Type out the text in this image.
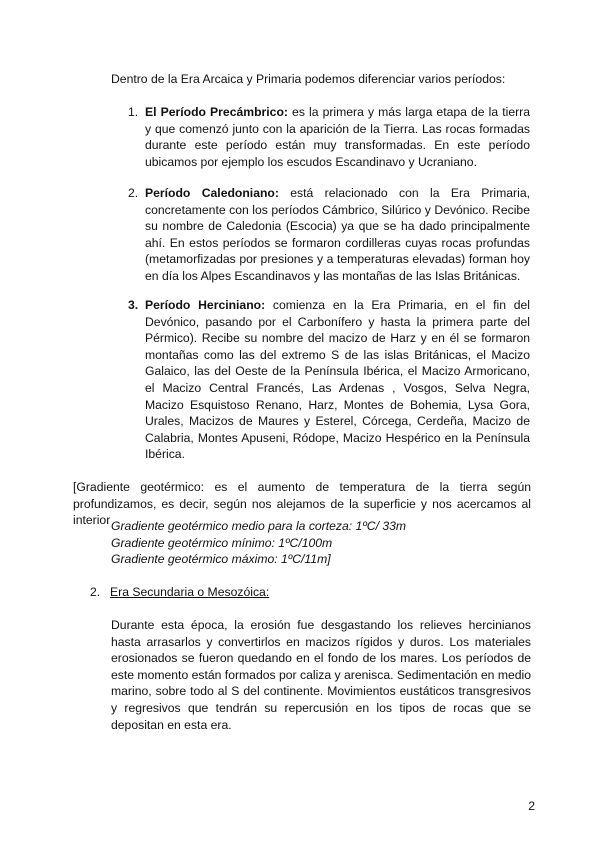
Dentro de la Era Arcaica y Primaria podemos diferenciar varios períodos:
1. El Período Precámbrico: es la primera y más larga etapa de la tierra y que comenzó junto con la aparición de la Tierra. Las rocas formadas durante este período están muy transformadas. En este período ubicamos por ejemplo los escudos Escandinavo y Ucraniano.
2. Período Caledoniano: está relacionado con la Era Primaria, concretamente con los períodos Cámbrico, Silúrico y Devónico. Recibe su nombre de Caledonia (Escocia) ya que se ha dado principalmente ahí. En estos períodos se formaron cordilleras cuyas rocas profundas (metamorfizadas por presiones y a temperaturas elevadas) forman hoy en día los Alpes Escandinavos y las montañas de las Islas Británicas.
3. Período Herciniano: comienza en la Era Primaria, en el fin del Devónico, pasando por el Carbonífero y hasta la primera parte del Pérmico). Recibe su nombre del macizo de Harz y en él se formaron montañas como las del extremo S de las islas Británicas, el Macizo Galaico, las del Oeste de la Península Ibérica, el Macizo Armoricano, el Macizo Central Francés, Las Ardenas , Vosgos, Selva Negra, Macizo Esquistoso Renano, Harz, Montes de Bohemia, Lysa Gora, Urales, Macizos de Maures y Esterel, Córcega, Cerdeña, Macizo de Calabria, Montes Apuseni, Ródope, Macizo Hespérico en la Península Ibérica.
[Gradiente geotérmico: es el aumento de temperatura de la tierra según profundizamos, es decir, según nos alejamos de la superficie y nos acercamos al interior Gradiente geotérmico medio para la corteza: 1ºC/ 33m
Gradiente geotérmico mínimo: 1ºC/100m
Gradiente geotérmico máximo: 1ºC/11m]
2. Era Secundaria o Mesozóica:
Durante esta época, la erosión fue desgastando los relieves hercinianos hasta arrasarlos y convertirlos en macizos rígidos y duros. Los materiales erosionados se fueron quedando en el fondo de los mares. Los períodos de este momento están formados por caliza y arenisca. Sedimentación en medio marino, sobre todo al S del continente. Movimientos eustáticos transgresivos y regresivos que tendrán su repercusión en los tipos de rocas que se depositan en esta era.
2
